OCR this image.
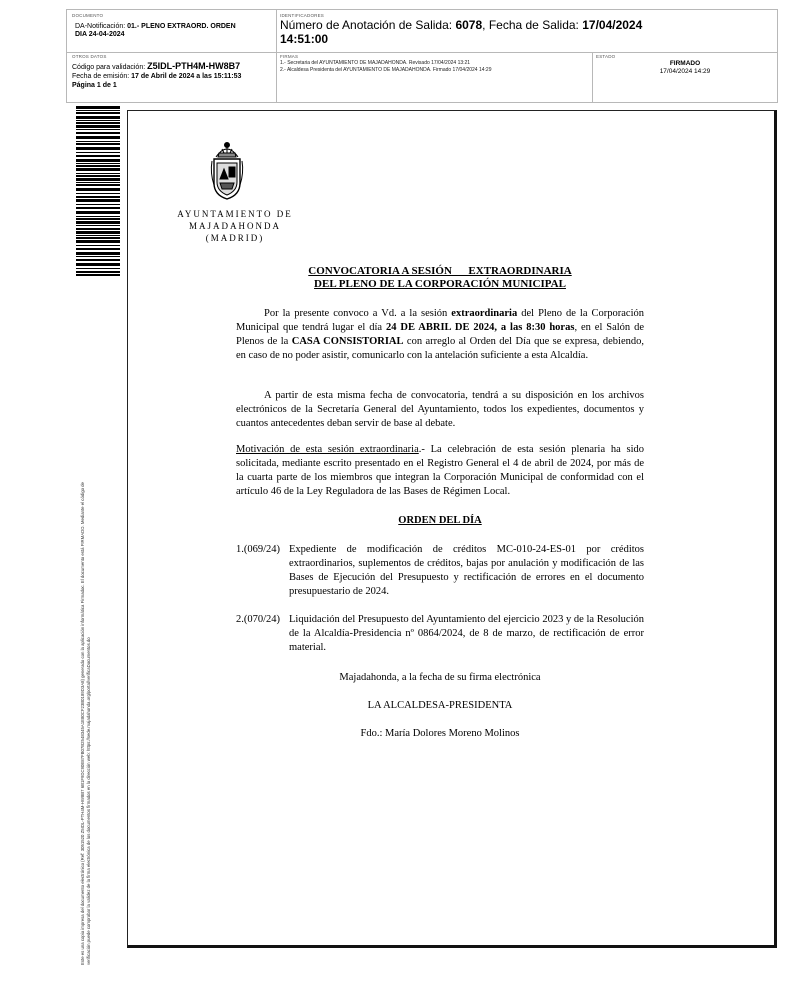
DOCUMENTO
DA-Notificación: 01.- PLENO EXTRAORD. ORDEN
DIA 24-04-2024
IDENTIFICADORES
Número de Anotación de Salida: 6078, Fecha de Salida: 17/04/2024
14:51:00
OTROS DATOS
Código para validación: Z5IDL-PTH4M-HW8B7
Fecha de emisión: 17 de Abril de 2024 a las 15:11:53
Página 1 de 1
FIRMAS
1.- Secretaria del AYUNTAMIENTO DE MAJADAHONDA. Revisado 17/04/2024 13:21
2.- Alcaldesa Presidenta del AYUNTAMIENTO DE MAJADAHONDA. Firmado 17/04/2024 14:29
ESTADO
FIRMADO
17/04/2024 14:29
Este es una copia impresa del documento electrónico (Ref: 3051520 Z5IDL-PTH4M-HW8B7 6B1F9DC90E87FB07B2548345A1E80CF23B0189D3A8) generado con la aplicación informática Firmadoc. El documento está FIRMADO. Mediante el código de verificación puede comprobar la validez de la firma electrónica de los documentos firmados en la dirección web: https://sede.majadahonda.org/portal/verificaDocumentos.do
AYUNTAMIENTO DE
MAJADAHONDA
(MADRID)
CONVOCATORIA A SESIÓN      EXTRAORDINARIA
DEL PLENO DE LA CORPORACIÓN MUNICIPAL
Por la presente convoco a Vd. a la sesión extraordinaria del Pleno de la Corporación Municipal que tendrá lugar el día 24 DE ABRIL DE 2024, a las 8:30 horas, en el Salón de Plenos de la CASA CONSISTORIAL con arreglo al Orden del Día que se expresa, debiendo, en caso de no poder asistir, comunicarlo con la antelación suficiente a esta Alcaldía.
A partir de esta misma fecha de convocatoria, tendrá a su disposición en los archivos electrónicos de la Secretaría General del Ayuntamiento, todos los expedientes, documentos y cuantos antecedentes deban servir de base al debate.
Motivación de esta sesión extraordinaria.- La celebración de esta sesión plenaria ha sido solicitada, mediante escrito presentado en el Registro General el 4 de abril de 2024, por más de la cuarta parte de los miembros que integran la Corporación Municipal de conformidad con el artículo 46 de la Ley Reguladora de las Bases de Régimen Local.
ORDEN DEL DÍA
1.(069/24) Expediente de modificación de créditos MC-010-24-ES-01 por créditos extraordinarios, suplementos de créditos, bajas por anulación y modificación de las Bases de Ejecución del Presupuesto y rectificación de errores en el documento presupuestario de 2024.
2.(070/24) Liquidación del Presupuesto del Ayuntamiento del ejercicio 2023 y de la Resolución de la Alcaldía-Presidencia nº 0864/2024, de 8 de marzo, de rectificación de error material.
Majadahonda, a la fecha de su firma electrónica
LA ALCALDESA-PRESIDENTA
Fdo.: María Dolores Moreno Molinos
